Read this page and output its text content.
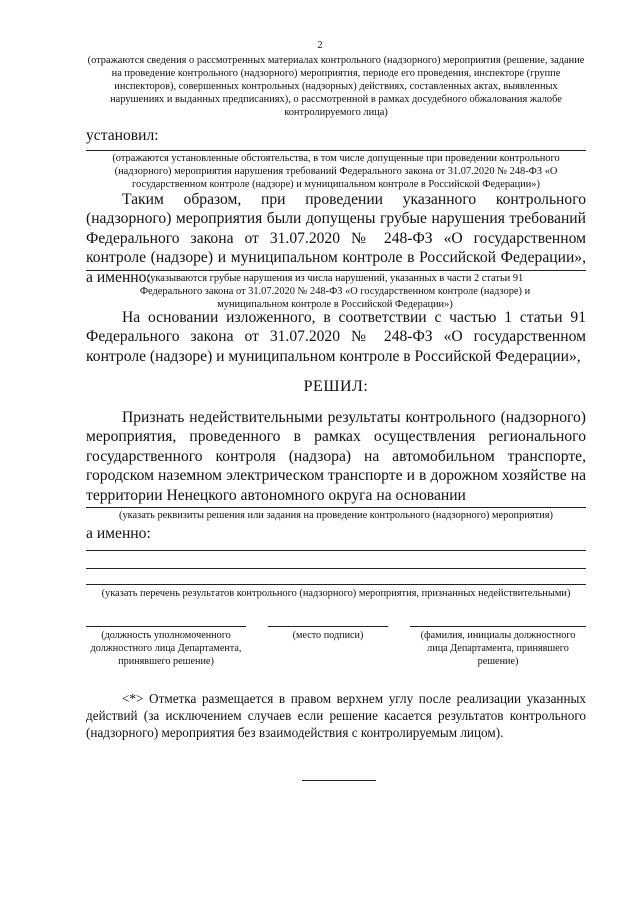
2
(отражаются сведения о рассмотренных материалах контрольного (надзорного) мероприятия (решение, задание на проведение контрольного (надзорного) мероприятия, периоде его проведения, инспекторе (группе инспекторов), совершенных контрольных (надзорных) действиях, составленных актах, выявленных нарушениях и выданных предписаниях), о рассмотренной в рамках досудебного обжалования жалобе контролируемого лица)
установил:
(отражаются установленные обстоятельства, в том числе допущенные при проведении контрольного (надзорного) мероприятия нарушения требований Федерального закона от 31.07.2020 № 248-ФЗ «О государственном контроле (надзоре) и муниципальном контроле в Российской Федерации»)
Таким образом, при проведении указанного контрольного (надзорного) мероприятия были допущены грубые нарушения требований Федерального закона от 31.07.2020 № 248-ФЗ «О государственном контроле (надзоре) и муниципальном контроле в Российской Федерации», а именно:
(указываются грубые нарушения из числа нарушений, указанных в части 2 статьи 91 Федерального закона от 31.07.2020 № 248-ФЗ «О государственном контроле (надзоре) и муниципальном контроле в Российской Федерации»)
На основании изложенного, в соответствии с частью 1 статьи 91 Федерального закона от 31.07.2020 № 248-ФЗ «О государственном контроле (надзоре) и муниципальном контроле в Российской Федерации»,
РЕШИЛ:
Признать недействительными результаты контрольного (надзорного) мероприятия, проведенного в рамках осуществления регионального государственного контроля (надзора) на автомобильном транспорте, городском наземном электрическом транспорте и в дорожном хозяйстве на территории Ненецкого автономного округа на основании
(указать реквизиты решения или задания на проведение контрольного (надзорного) мероприятия)
а именно:
(указать перечень результатов контрольного (надзорного) мероприятия, признанных недействительными)
(должность уполномоченного должностного лица Департамента, принявшего решение)
(место подписи)	(фамилия, инициалы должностного лица Департамента, принявшего решение)
<*> Отметка размещается в правом верхнем углу после реализации указанных действий (за исключением случаев если решение касается результатов контрольного (надзорного) мероприятия без взаимодействия с контролируемым лицом).
